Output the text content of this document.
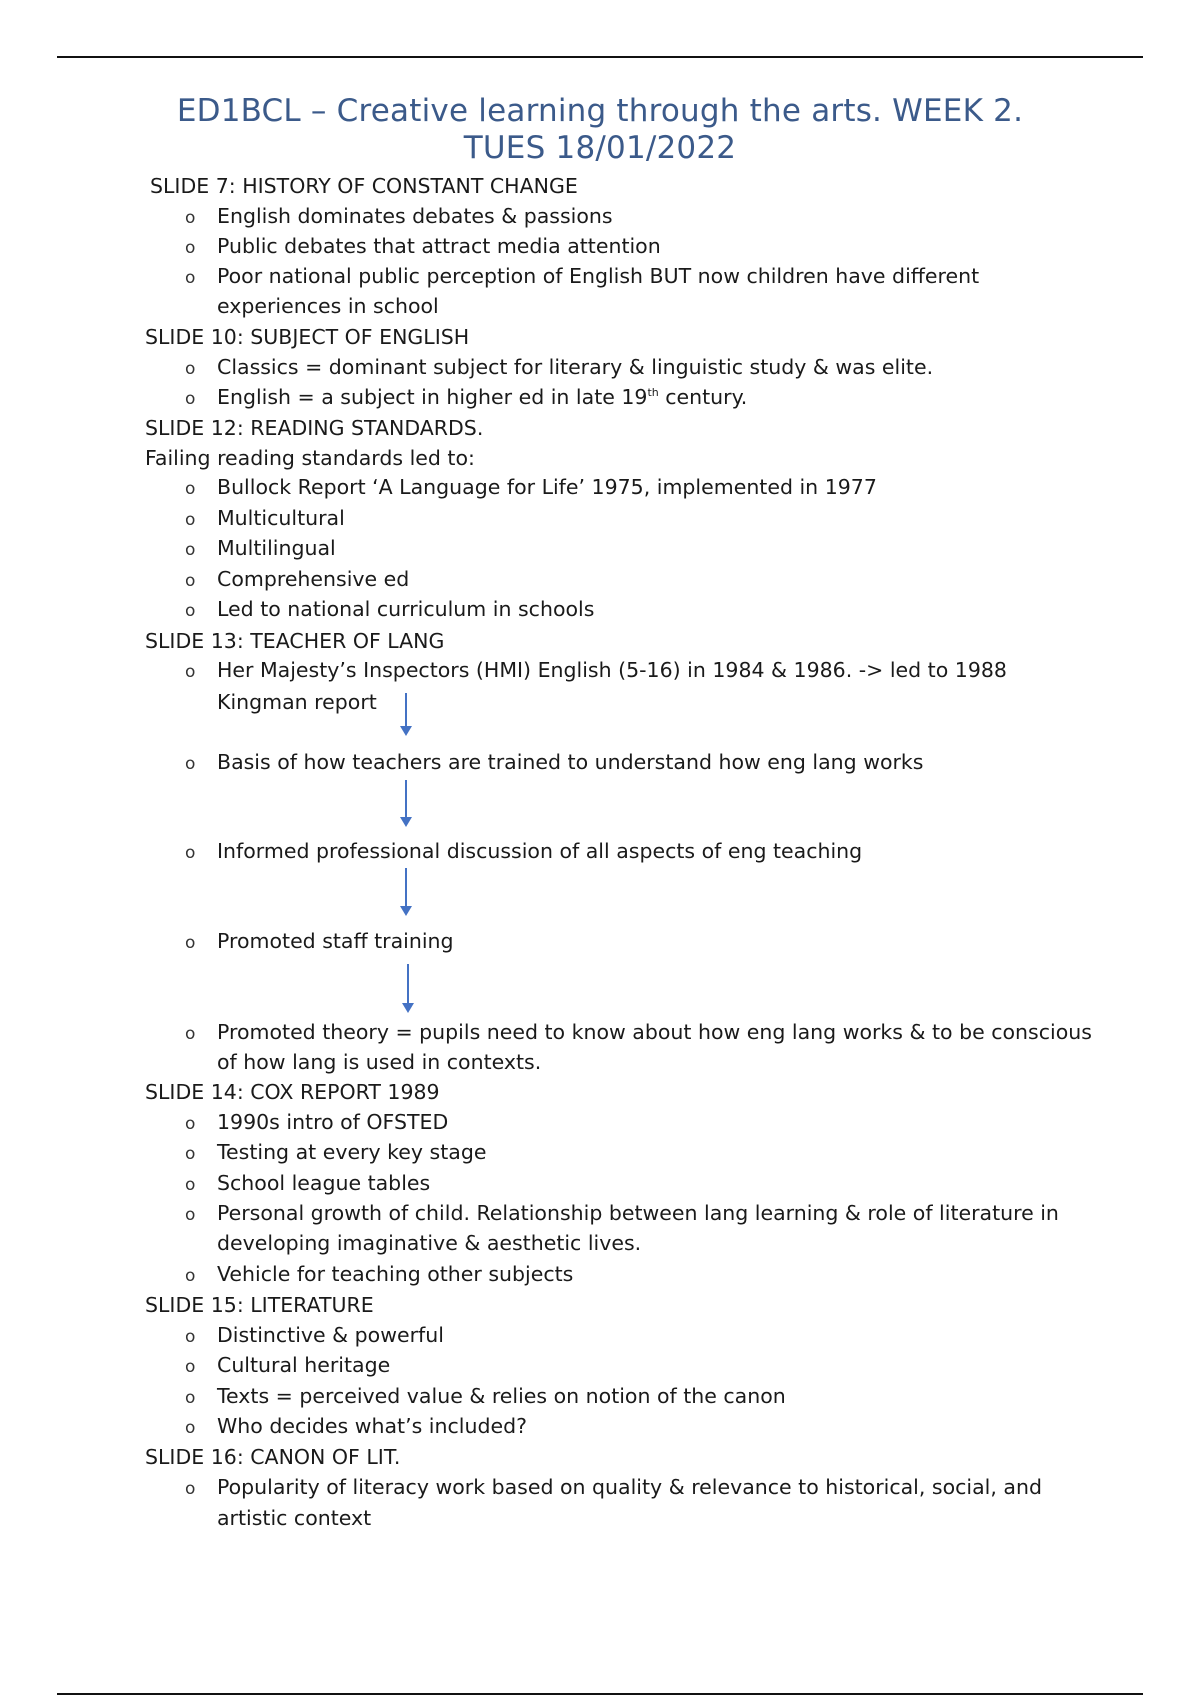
ED1BCL – Creative learning through the arts. WEEK 2.
TUES 18/01/2022
SLIDE 7: HISTORY OF CONSTANT CHANGE
o English dominates debates & passions
o Public debates that attract media attention
o Poor national public perception of English BUT now children have different
experiences in school
SLIDE 10: SUBJECT OF ENGLISH
o Classics = dominant subject for literary & linguistic study & was elite.
o English = a subject in higher ed in late 19th century.
SLIDE 12: READING STANDARDS.
Failing reading standards led to:
o Bullock Report ‘A Language for Life’ 1975, implemented in 1977
o Multicultural
o Multilingual
o Comprehensive ed
o Led to national curriculum in schools
SLIDE 13: TEACHER OF LANG
o Her Majesty’s Inspectors (HMI) English (5-16) in 1984 & 1986. -> led to 1988
Kingman report
o Basis of how teachers are trained to understand how eng lang works
o Informed professional discussion of all aspects of eng teaching
o Promoted staff training
o Promoted theory = pupils need to know about how eng lang works & to be conscious
of how lang is used in contexts.
SLIDE 14: COX REPORT 1989
o 1990s intro of OFSTED
o Testing at every key stage
o School league tables
o Personal growth of child. Relationship between lang learning & role of literature in
developing imaginative & aesthetic lives.
o Vehicle for teaching other subjects
SLIDE 15: LITERATURE
o Distinctive & powerful
o Cultural heritage
o Texts = perceived value & relies on notion of the canon
o Who decides what’s included?
SLIDE 16: CANON OF LIT.
o Popularity of literacy work based on quality & relevance to historical, social, and
artistic context
